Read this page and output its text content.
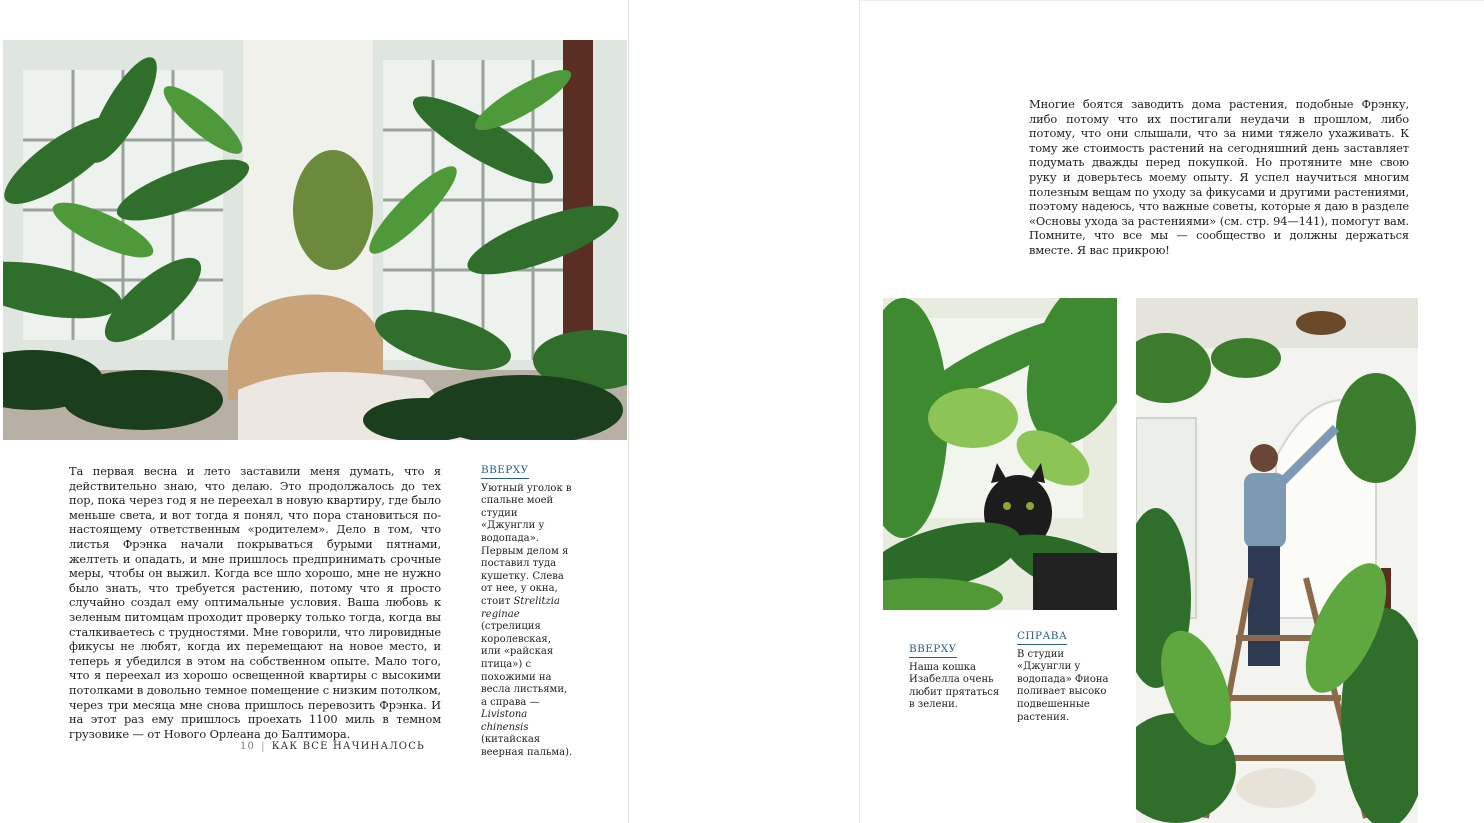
Та первая весна и лето заставили меня думать, что я действительно знаю, что делаю. Это продолжалось до тех пор, пока через год я не переехал в новую квартиру, где было меньше света, и вот тогда я понял, что пора становиться по-настоящему ответственным «родителем». Дело в том, что листья Фрэнка начали покрываться бурыми пятнами, желтеть и опадать, и мне пришлось предпринимать срочные меры, чтобы он выжил. Когда все шло хорошо, мне не нужно было знать, что требуется растению, потому что я просто случайно создал ему оптимальные условия. Ваша любовь к зеленым питомцам проходит проверку только тогда, когда вы сталкиваетесь с трудностями. Мне говорили, что лировидные фикусы не любят, когда их перемещают на новое место, и теперь я убедился в этом на собственном опыте. Мало того, что я переехал из хорошо освещенной квартиры с высокими потолками в довольно темное помещение с низким потолком, через три месяца мне снова пришлось перевозить Фрэнка. И на этот раз ему пришлось проехать 1100 миль в темном грузовике — от Нового Орлеана до Балтимора.

ВВЕРХУ
Уютный уголок в спальне моей студии «Джунгли у водопада». Первым делом я поставил туда кушетку. Слева от нее, у окна, стоит Strelitzia reginae (стрелиция королевская, или «райская птица») с похожими на весла листьями, а справа — Livistona chinensis (китайская веерная пальма).
10 | КАК ВСЕ НАЧИНАЛОСЬ

Многие боятся заводить дома растения, подобные Фрэнку, либо потому что их постигали неудачи в прошлом, либо потому, что они слышали, что за ними тяжело ухаживать. К тому же стоимость растений на сегодняшний день заставляет подумать дважды перед покупкой. Но протяните мне свою руку и доверьтесь моему опыту. Я успел научиться многим полезным вещам по уходу за фикусами и другими растениями, поэтому надеюсь, что важные советы, которые я даю в разделе «Основы ухода за растениями» (см. стр. 94—141), помогут вам. Помните, что все мы — сообщество и должны держаться вместе. Я вас прикрою!

ВВЕРХУ
Наша кошка Изабелла очень любит прятаться в зелени.
СПРАВА
В студии «Джунгли у водопада» Фиона поливает высоко подвешенные растения.
